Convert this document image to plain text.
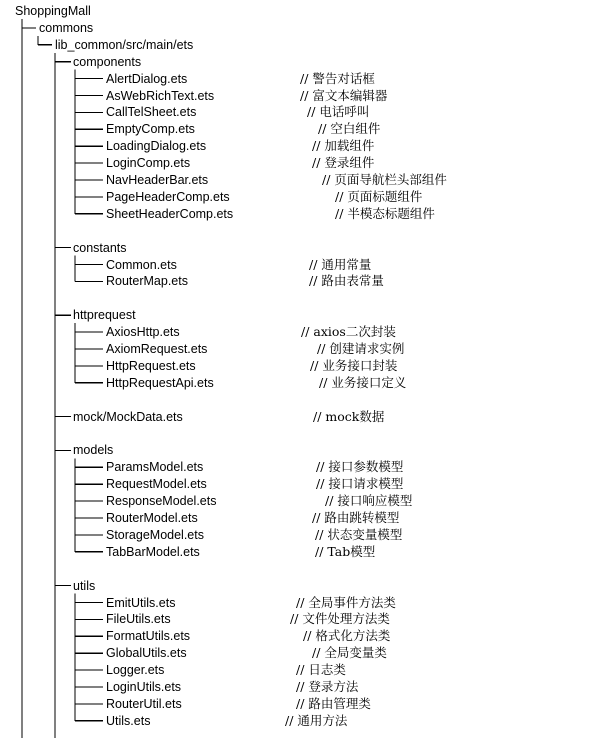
ShoppingMall
commons
lib_common/src/main/ets
components
AlertDialog.ets	// 警告对话框
AsWebRichText.ets	// 富文本编辑器
CallTelSheet.ets	// 电话呼叫
EmptyComp.ets	// 空白组件
LoadingDialog.ets	// 加载组件
LoginComp.ets	// 登录组件
NavHeaderBar.ets	// 页面导航栏头部组件
PageHeaderComp.ets	// 页面标题组件
SheetHeaderComp.ets	// 半模态标题组件
constants
Common.ets	// 通用常量
RouterMap.ets	// 路由表常量
httprequest
AxiosHttp.ets	// axios二次封装
AxiomRequest.ets	// 创建请求实例
HttpRequest.ets	// 业务接口封装
HttpRequestApi.ets	// 业务接口定义
mock/MockData.ets	// mock数据
models
ParamsModel.ets	// 接口参数模型
RequestModel.ets	// 接口请求模型
ResponseModel.ets	// 接口响应模型
RouterModel.ets	// 路由跳转模型
StorageModel.ets	// 状态变量模型
TabBarModel.ets	// Tab模型
utils
EmitUtils.ets	// 全局事件方法类
FileUtils.ets	// 文件处理方法类
FormatUtils.ets	// 格式化方法类
GlobalUtils.ets	// 全局变量类
Logger.ets	// 日志类
LoginUtils.ets	// 登录方法
RouterUtil.ets	// 路由管理类
Utils.ets	// 通用方法
